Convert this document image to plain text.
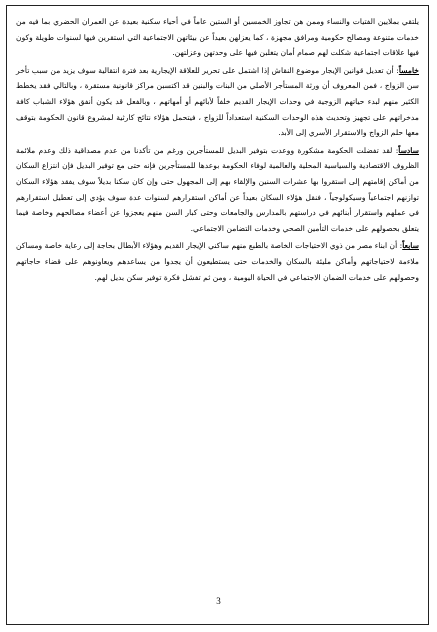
يلتقي بملايين الفتيات والنساء وممن هن تجاوز الخمسين أو الستين عاماً في أحياء سكنية بعيدة عن العمران الحضري بما فيه من خدمات متنوعة ومصالح حكومية ومرافق مجهزة ، كما يعزلهن بعيداً عن بيئاتهن الاجتماعية التي استقرين فيها لسنوات طويلة وكون فيها علاقات اجتماعية شكلت لهم صمام أمان يتغلبن فيها على وحدتهن وعزلتهن.

خامساً: أن تعديل قوانين الإيجار موضوع النقاش إذا اشتمل على تحرير للعلاقة الإيجارية بعد فترة انتقالية سوف يزيد من سبب تأخر سن الزواج ، فمن المعروف أن ورثة المستأجر الأصلي من البنات والبنين قد اكتسبن مراكز قانونية مستقرة ، وبالتالي فقد يخطط الكثير منهم لبدء حياتهم الزوجية في وحدات الإيجار القديم خلفاً لأبائهم أو أمهاتهم ، وبالفعل قد يكون أنفق هؤلاء الشباب كافة مدخراتهم على تجهيز وتحديث هذه الوحدات السكنية استعداداً للزواج ، فيتحمل هؤلاء نتائج كارثية لمشروع قانون الحكومة بتوقف معها حلم الزواج والاستقرار الأسري إلى الأبد.

سادساً: لقد تفضلت الحكومة مشكورة ووعدت بتوفير البديل للمستأجرين ورغم من تأكدنا من عدم مصداقية ذلك وعدم ملائمة الظروف الاقتصادية والسياسية المحلية والعالمية لوفاء الحكومة بوعدها للمستأجرين فإنه حتى مع توفير البديل فإن انتزاع السكان من أماكن إقامتهم إلى استقروا بها عشرات السنين والإلقاء بهم إلى المجهول حتى وإن كان سكنا بديلاً سوف يفقد هؤلاء السكان توازنهم اجتماعياً وسيكولوجياً ، فنقل هؤلاء السكان بعيداً عن أماكن استقرارهم لسنوات عدة سوف يؤدي إلى تعطيل استقرارهم في عملهم واستقرار أبنائهم في دراستهم بالمدارس والجامعات وحتى كبار السن منهم يعجزوا عن أعضاء مصالحهم وخاصة فيما يتعلق بحصولهم على خدمات التأمين الصحي وخدمات التضامن الاجتماعي.

سابعاً: أن ابناء مصر من ذوي الاحتياجات الخاصة بالطبع منهم ساكني الإيجار القديم وهؤلاء الأبطال بحاجة إلى رعاية خاصة ومساكن ملاءمة لاحتياجاتهم وأماكن مليئة بالسكان والخدمات حتى يستطيعون أن يجدوا من يساعدهم ويعاونوهم على قضاء حاجاتهم وحصولهم على خدمات الضمان الاجتماعي في الحياة اليومية ، ومن ثم تفشل فكرة توفير سكن بديل لهم.

3
